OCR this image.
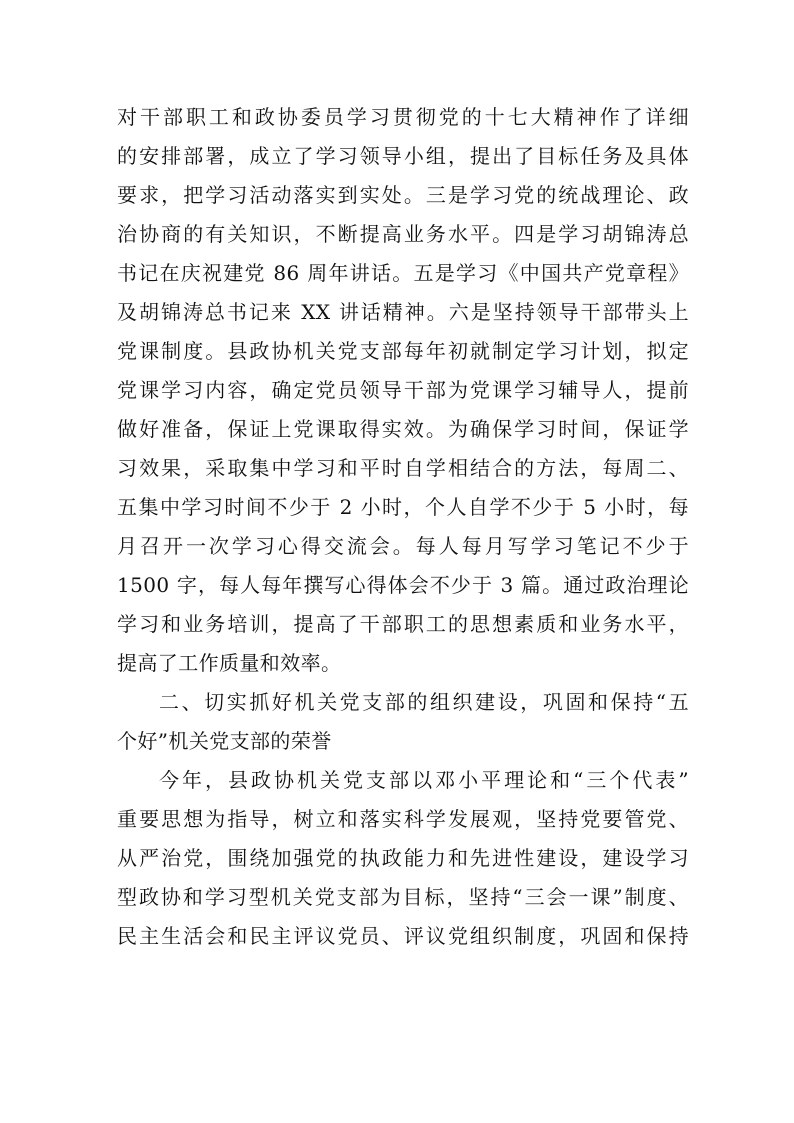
对干部职工和政协委员学习贯彻党的十七大精神作了详细
的安排部署，成立了学习领导小组，提出了目标任务及具体
要求，把学习活动落实到实处。三是学习党的统战理论、政
治协商的有关知识，不断提高业务水平。四是学习胡锦涛总
书记在庆祝建党 86 周年讲话。五是学习《中国共产党章程》
及胡锦涛总书记来 XX 讲话精神。六是坚持领导干部带头上
党课制度。县政协机关党支部每年初就制定学习计划，拟定
党课学习内容，确定党员领导干部为党课学习辅导人，提前
做好准备，保证上党课取得实效。为确保学习时间，保证学
习效果，采取集中学习和平时自学相结合的方法，每周二、
五集中学习时间不少于 2 小时，个人自学不少于 5 小时，每
月召开一次学习心得交流会。每人每月写学习笔记不少于
1500 字，每人每年撰写心得体会不少于 3 篇。通过政治理论
学习和业务培训，提高了干部职工的思想素质和业务水平，
提高了工作质量和效率。
二、切实抓好机关党支部的组织建设，巩固和保持“五
个好”机关党支部的荣誉
今年，县政协机关党支部以邓小平理论和“三个代表”
重要思想为指导，树立和落实科学发展观，坚持党要管党、
从严治党，围绕加强党的执政能力和先进性建设，建设学习
型政协和学习型机关党支部为目标，坚持“三会一课”制度、
民主生活会和民主评议党员、评议党组织制度，巩固和保持
